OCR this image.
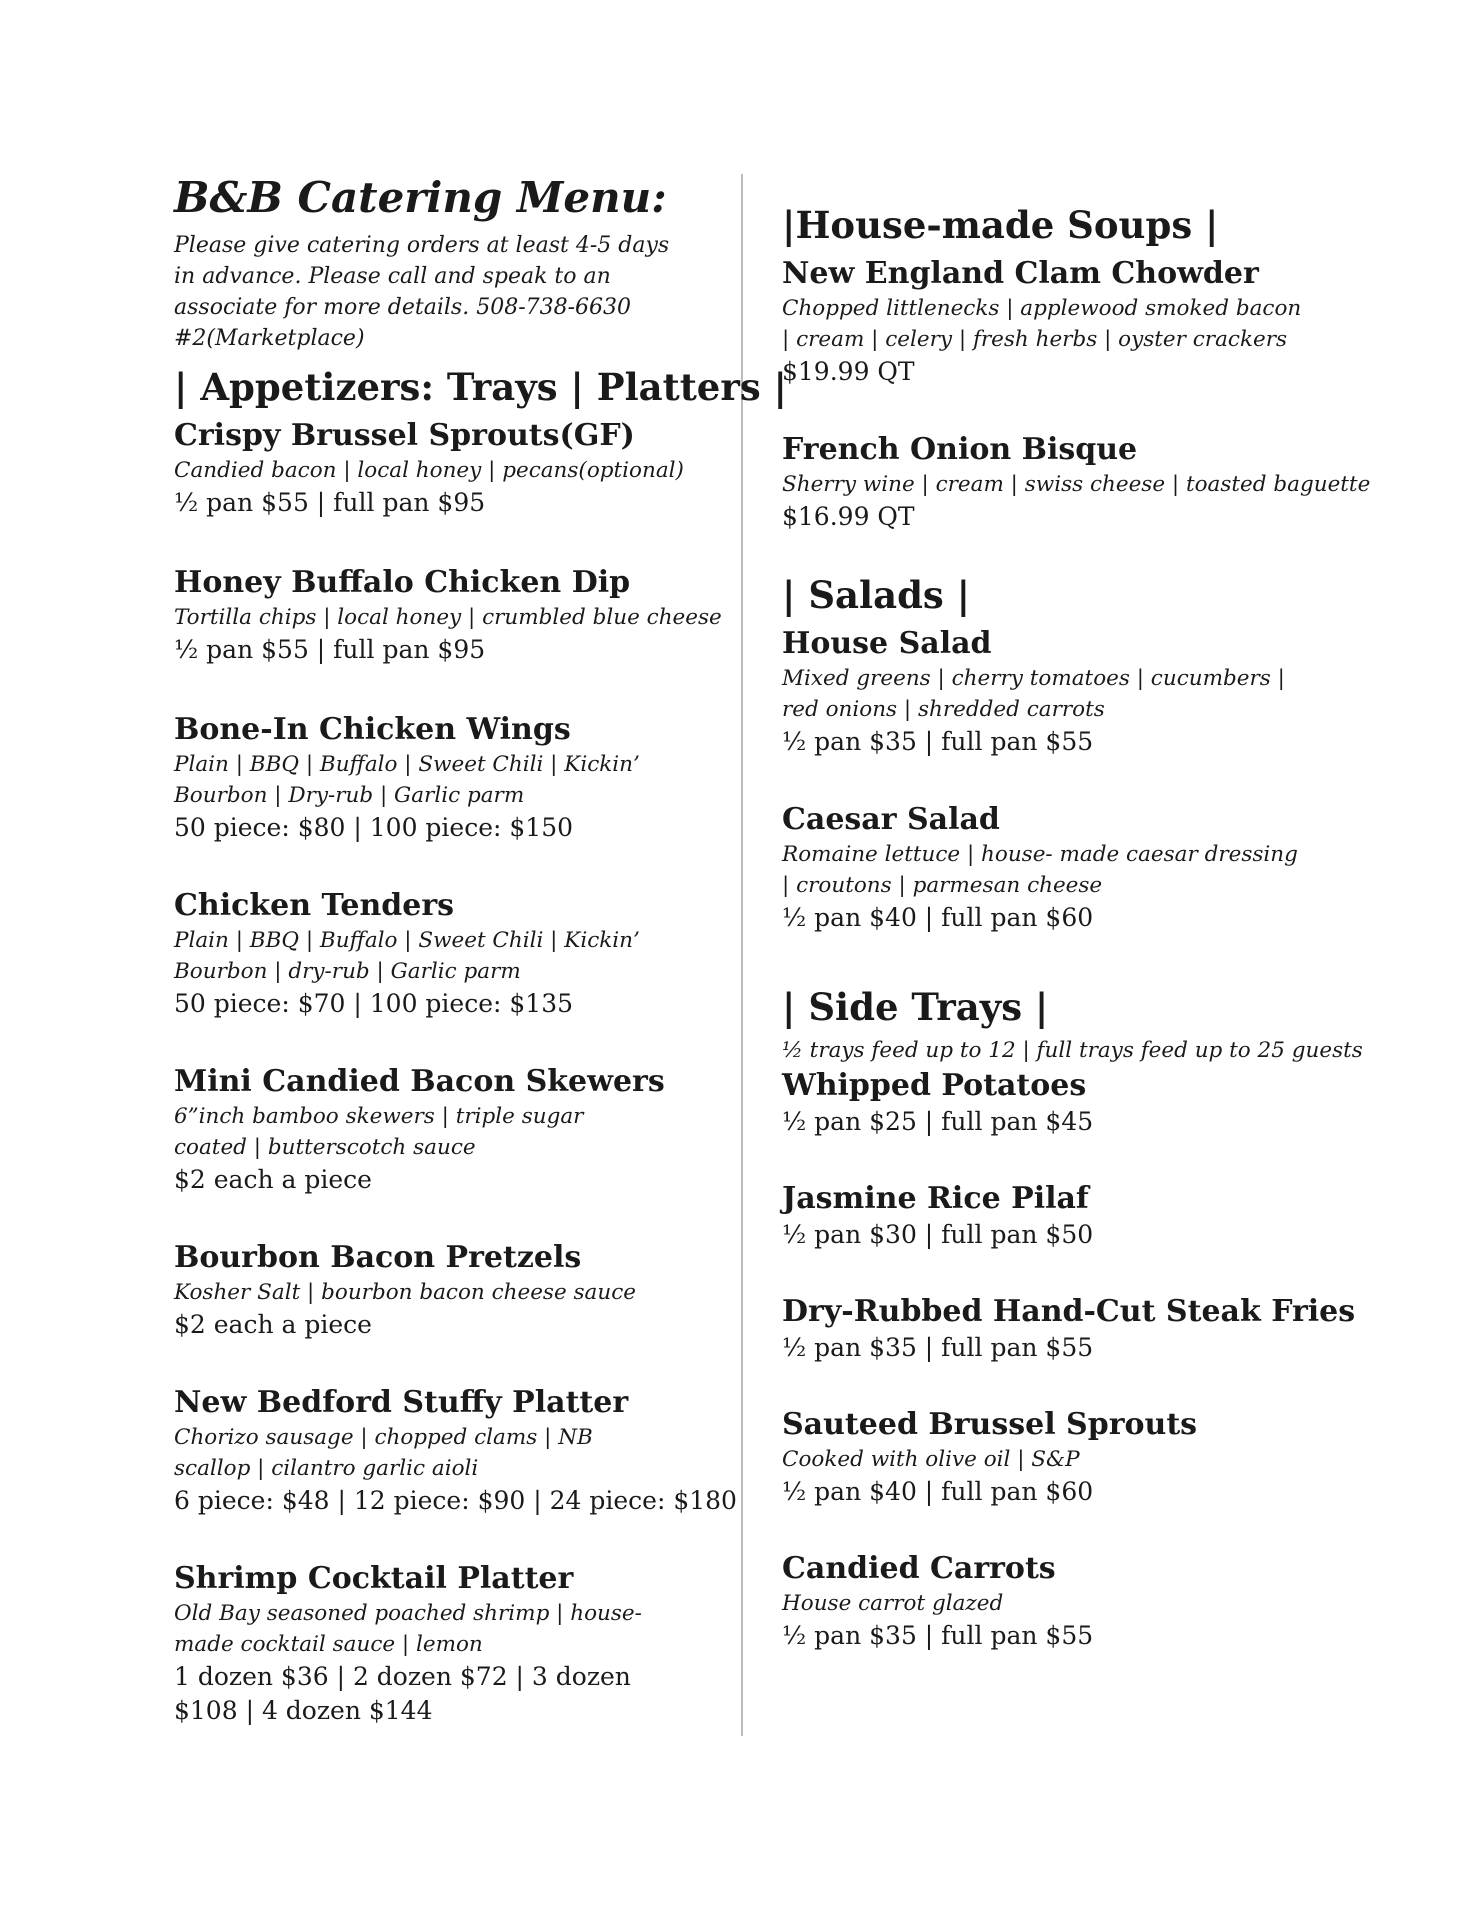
B&B Catering Menu:
Please give catering orders at least 4-5 days in advance. Please call and speak to an associate for more details. 508-738-6630 #2(Marketplace)
| Appetizers: Trays | Platters |
Crispy Brussel Sprouts(GF)
Candied bacon | local honey | pecans(optional)
½ pan $55 | full pan $95
Honey Buffalo Chicken Dip
Tortilla chips | local honey | crumbled blue cheese
½ pan $55 | full pan $95
Bone-In Chicken Wings
Plain | BBQ | Buffalo | Sweet Chili | Kickin’ Bourbon | Dry-rub | Garlic parm
50 piece: $80 | 100 piece: $150
Chicken Tenders
Plain | BBQ | Buffalo | Sweet Chili | Kickin’ Bourbon | dry-rub | Garlic parm
50 piece: $70 | 100 piece: $135
Mini Candied Bacon Skewers
6”inch bamboo skewers | triple sugar coated | butterscotch sauce
$2 each a piece
Bourbon Bacon Pretzels
Kosher Salt | bourbon bacon cheese sauce
$2 each a piece
New Bedford Stuffy Platter
Chorizo sausage | chopped clams | NB scallop | cilantro garlic aioli
6 piece: $48 | 12 piece: $90 | 24 piece: $180
Shrimp Cocktail Platter
Old Bay seasoned poached shrimp | house-made cocktail sauce | lemon
1 dozen $36 | 2 dozen $72 | 3 dozen $108 | 4 dozen $144
|House-made Soups |
New England Clam Chowder
Chopped littlenecks | applewood smoked bacon | cream | celery | fresh herbs | oyster crackers
$19.99 QT
French Onion Bisque
Sherry wine | cream | swiss cheese | toasted baguette
$16.99 QT
| Salads |
House Salad
Mixed greens | cherry tomatoes | cucumbers | red onions | shredded carrots
½ pan $35 | full pan $55
Caesar Salad
Romaine lettuce | house- made caesar dressing | croutons | parmesan cheese
½ pan $40 | full pan $60
| Side Trays |
½ trays feed up to 12 | full trays feed up to 25 guests
Whipped Potatoes
½ pan $25 | full pan $45
Jasmine Rice Pilaf
½ pan $30 | full pan $50
Dry-Rubbed Hand-Cut Steak Fries
½ pan $35 | full pan $55
Sauteed Brussel Sprouts
Cooked with olive oil | S&P
½ pan $40 | full pan $60
Candied Carrots
House carrot glazed
½ pan $35 | full pan $55
